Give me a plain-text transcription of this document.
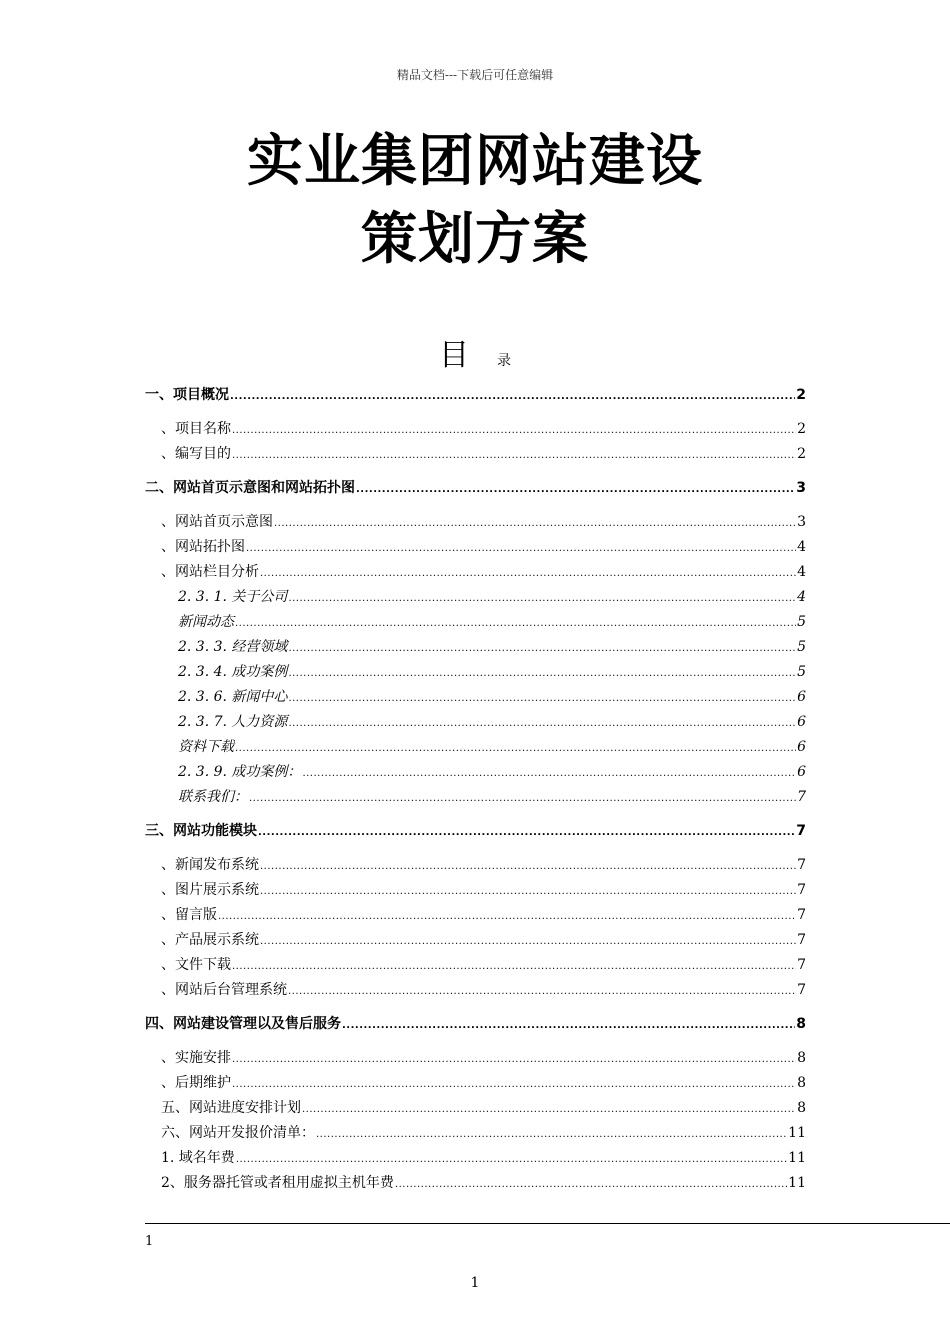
精品文档---下载后可任意编辑
实业集团网站建设
策划方案
目 录
一、项目概况 .....	2
、项目名称 .....	2
、编写目的 .....	2
二、网站首页示意图和网站拓扑图 .....	3
、网站首页示意图 .....	3
、网站拓扑图 .....	4
、网站栏目分析 .....	4
2. 3. 1. 关于公司 .....	4
新闻动态 .....	5
2. 3. 3. 经营领域 .....	5
2. 3. 4. 成功案例 .....	5
2. 3. 6. 新闻中心 .....	6
2. 3. 7. 人力资源 .....	6
资料下载 .....	6
2. 3. 9. 成功案例： .....	6
联系我们： .....	7
三、网站功能模块 .....	7
、新闻发布系统 .....	7
、图片展示系统 .....	7
、留言版 .....	7
、产品展示系统 .....	7
、文件下载 .....	7
、网站后台管理系统 .....	7
四、网站建设管理以及售后服务 .....	8
、实施安排 .....	8
、后期维护 .....	8
五、网站进度安排计划 .....	8
六、网站开发报价清单： .....	11
1. 域名年费 .....	11
2、服务器托管或者租用虚拟主机年费 .....	11
1
1
